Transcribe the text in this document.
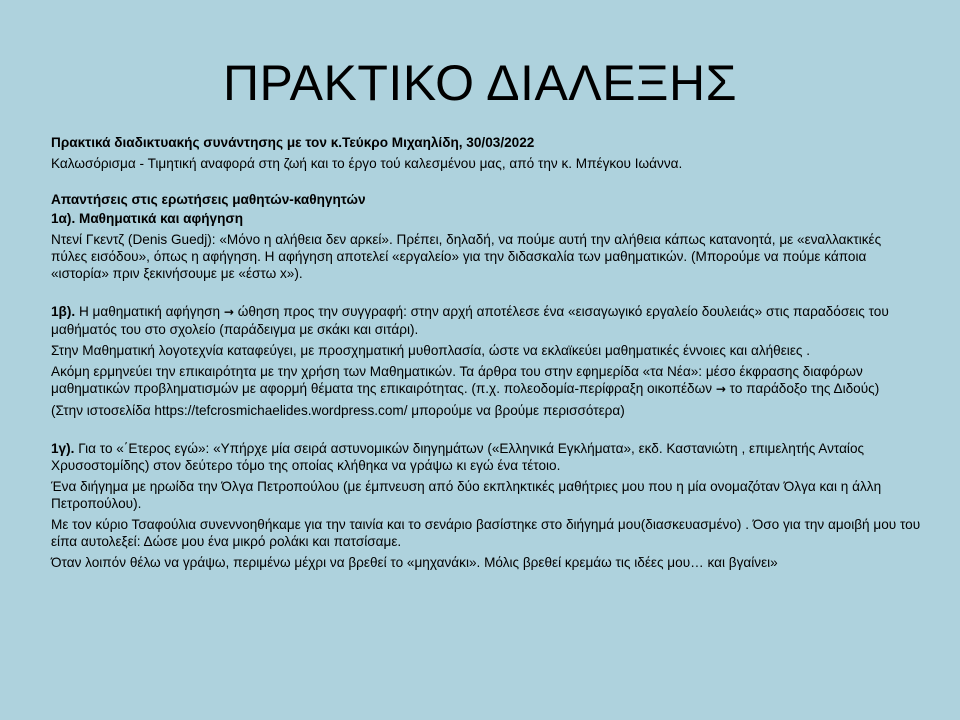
ΠΡΑΚΤΙΚΟ ΔΙΑΛΕΞΗΣ

Πρακτικά διαδικτυακής συνάντησης με τον κ.Τεύκρο Μιχαηλίδη, 30/03/2022

Καλωσόρισμα - Τιμητική αναφορά στη ζωή και το έργο τού καλεσμένου μας, από την κ. Μπέγκου Ιωάννα.

Απαντήσεις στις ερωτήσεις μαθητών-καθηγητών

1α). Μαθηματικά και αφήγηση

Ντενί Γκεντζ (Denis Guedj): «Μόνο η αλήθεια δεν αρκεί». Πρέπει, δηλαδή, να πούμε αυτή την αλήθεια κάπως κατανοητά, με «εναλλακτικές πύλες εισόδου», όπως η αφήγηση. Η αφήγηση αποτελεί «εργαλείο» για την διδασκαλία των μαθηματικών. (Μπορούμε να πούμε κάποια «ιστορία» πριν ξεκινήσουμε με «έστω x»).

1β). Η μαθηματική αφήγηση → ώθηση προς την συγγραφή: στην αρχή αποτέλεσε ένα «εισαγωγικό εργαλείο δουλειάς» στις παραδόσεις του μαθήματός του στο σχολείο (παράδειγμα με σκάκι και σιτάρι).

Στην Μαθηματική λογοτεχνία καταφεύγει, με προσχηματική μυθοπλασία, ώστε να εκλαϊκεύει μαθηματικές έννοιες και αλήθειες .

Ακόμη ερμηνεύει την επικαιρότητα με την χρήση των Μαθηματικών. Τα άρθρα του στην εφημερίδα «τα Νέα»: μέσο έκφρασης διαφόρων μαθηματικών προβληματισμών με αφορμή θέματα της επικαιρότητας. (π.χ. πολεοδομία-περίφραξη οικοπέδων → το παράδοξο της Διδούς)

(Στην ιστοσελίδα https://tefcrosmichaelides.wordpress.com/ μπορούμε να βρούμε περισσότερα)

1γ). Για το «΄Ετερος εγώ»: «Υπήρχε μία σειρά αστυνομικών διηγημάτων («Ελληνικά Εγκλήματα», εκδ. Καστανιώτη , επιμελητής Ανταίος Χρυσοστομίδης) στον δεύτερο τόμο της οποίας κλήθηκα να γράψω κι εγώ ένα τέτοιο.

Ένα διήγημα με ηρωίδα την Όλγα Πετροπούλου (με έμπνευση από δύο εκπληκτικές μαθήτριες μου που η μία ονομαζόταν Όλγα και η άλλη Πετροπούλου).

Με τον κύριο Τσαφούλια συνεννοηθήκαμε για την ταινία και το σενάριο βασίστηκε στο διήγημά μου(διασκευασμένο) . Όσο για την αμοιβή μου του είπα αυτολεξεί: Δώσε μου ένα μικρό ρολάκι και πατσίσαμε.

Όταν λοιπόν θέλω να γράψω, περιμένω μέχρι να βρεθεί το «μηχανάκι». Μόλις βρεθεί κρεμάω τις ιδέες μου… και βγαίνει»
